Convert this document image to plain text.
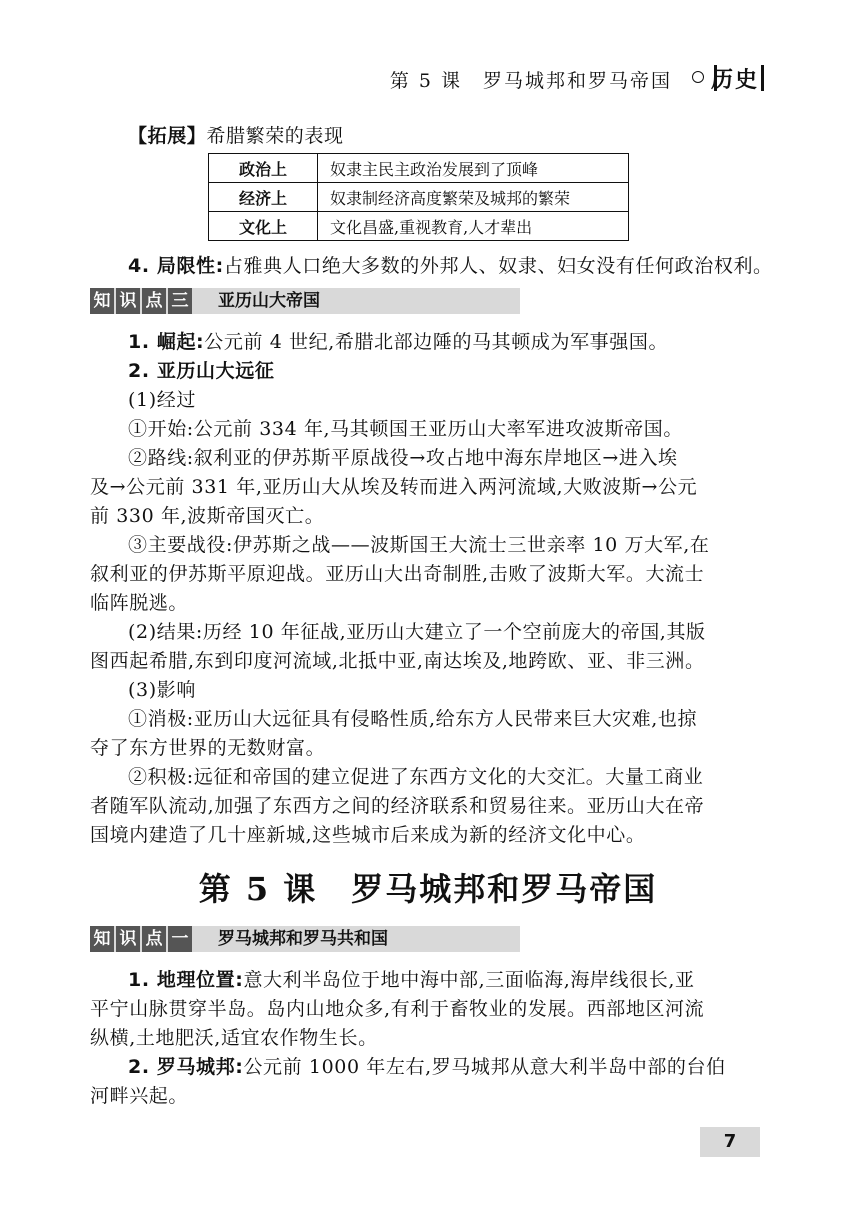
第 5 课　罗马城邦和罗马帝国 历史
【拓展】希腊繁荣的表现
政治上	奴隶主民主政治发展到了顶峰
经济上	奴隶制经济高度繁荣及城邦的繁荣
文化上	文化昌盛,重视教育,人才辈出
4. 局限性:占雅典人口绝大多数的外邦人、奴隶、妇女没有任何政治权利。
知 识 点 三 亚历山大帝国
1. 崛起:公元前 4 世纪,希腊北部边陲的马其顿成为军事强国。
2. 亚历山大远征
(1)经过
①开始:公元前 334 年,马其顿国王亚历山大率军进攻波斯帝国。
②路线:叙利亚的伊苏斯平原战役→攻占地中海东岸地区→进入埃
及→公元前 331 年,亚历山大从埃及转而进入两河流域,大败波斯→公元
前 330 年,波斯帝国灭亡。
③主要战役:伊苏斯之战——波斯国王大流士三世亲率 10 万大军,在
叙利亚的伊苏斯平原迎战。亚历山大出奇制胜,击败了波斯大军。大流士
临阵脱逃。
(2)结果:历经 10 年征战,亚历山大建立了一个空前庞大的帝国,其版
图西起希腊,东到印度河流域,北抵中亚,南达埃及,地跨欧、亚、非三洲。
(3)影响
①消极:亚历山大远征具有侵略性质,给东方人民带来巨大灾难,也掠
夺了东方世界的无数财富。
②积极:远征和帝国的建立促进了东西方文化的大交汇。大量工商业
者随军队流动,加强了东西方之间的经济联系和贸易往来。亚历山大在帝
国境内建造了几十座新城,这些城市后来成为新的经济文化中心。
第 5 课　罗马城邦和罗马帝国
知 识 点 一 罗马城邦和罗马共和国
1. 地理位置:意大利半岛位于地中海中部,三面临海,海岸线很长,亚
平宁山脉贯穿半岛。岛内山地众多,有利于畜牧业的发展。西部地区河流
纵横,土地肥沃,适宜农作物生长。
2. 罗马城邦:公元前 1000 年左右,罗马城邦从意大利半岛中部的台伯
河畔兴起。
7
